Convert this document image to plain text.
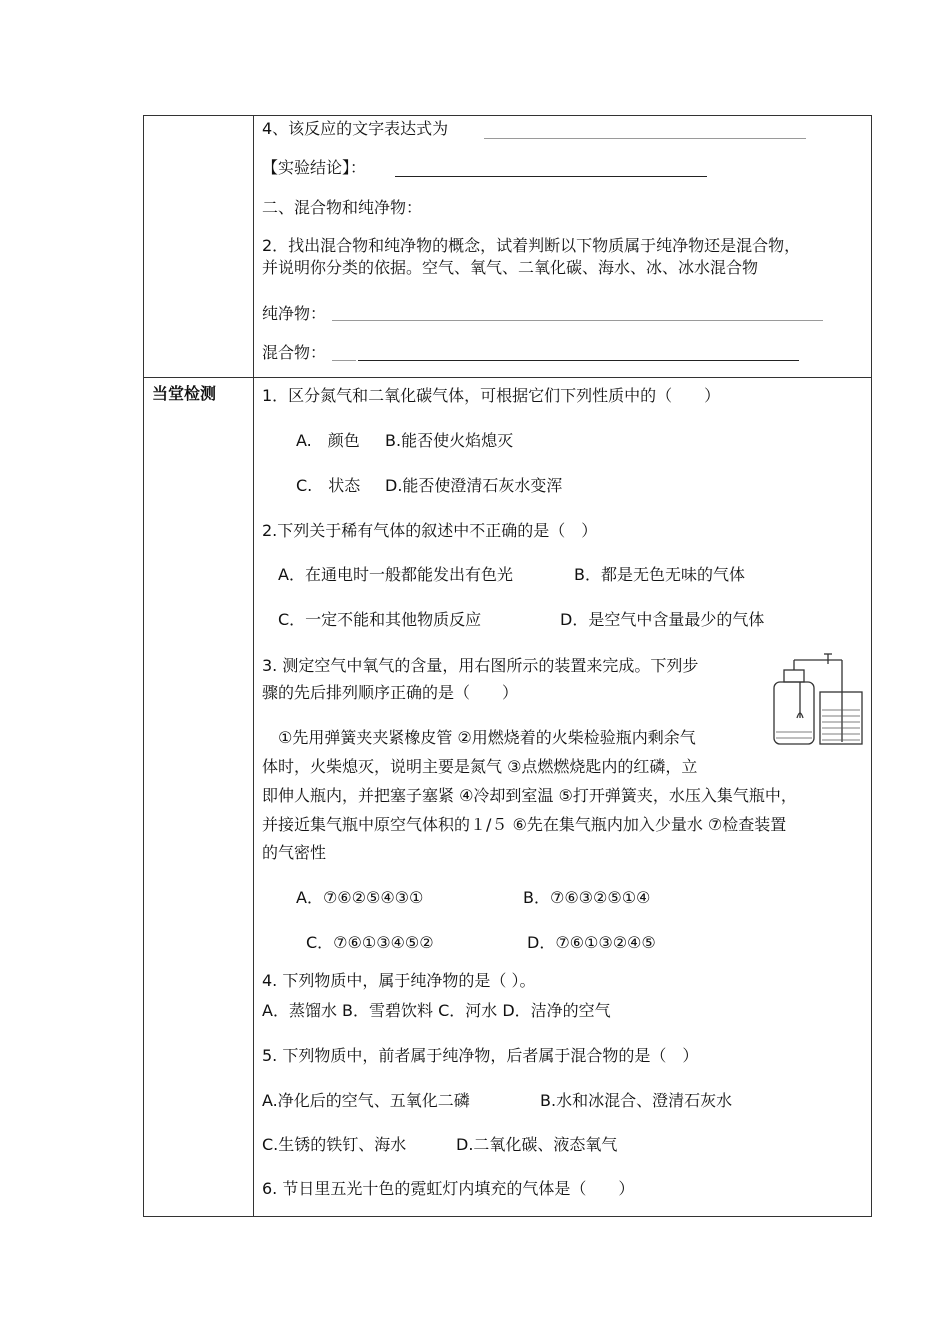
4、该反应的文字表达式为
【实验结论】：
二、混合物和纯净物：
2．找出混合物和纯净物的概念，试着判断以下物质属于纯净物还是混合物，
并说明你分类的依据。空气、氧气、二氧化碳、海水、冰、冰水混合物
纯净物：
混合物：
当堂检测	1．区分氮气和二氧化碳气体，可根据它们下列性质中的（　　）
A.　颜色 B.能否使火焰熄灭
C.　状态 D.能否使澄清石灰水变浑
2.下列关于稀有气体的叙述中不正确的是（　）
A．在通电时一般都能发出有色光	B．都是无色无味的气体
C．一定不能和其他物质反应	D．是空气中含量最少的气体
3. 测定空气中氧气的含量，用右图所示的装置来完成。下列步
骤的先后排列顺序正确的是（　　）
①先用弹簧夹夹紧橡皮管 ②用燃烧着的火柴检验瓶内剩余气
体时，火柴熄灭，说明主要是氮气 ③点燃燃烧匙内的红磷，立
即伸人瓶内，并把塞子塞紧 ④冷却到室温 ⑤打开弹簧夹，水压入集气瓶中，
并接近集气瓶中原空气体积的１/５ ⑥先在集气瓶内加入少量水 ⑦检查装置
的气密性
A．⑦⑥②⑤④③①	B．⑦⑥③②⑤①④
C．⑦⑥①③④⑤②	D．⑦⑥①③②④⑤
4. 下列物质中，属于纯净物的是（ ）。
A．蒸馏水 B．雪碧饮料 C．河水 D．洁净的空气
5. 下列物质中，前者属于纯净物，后者属于混合物的是（　）
A.净化后的空气、五氧化二磷	B.水和冰混合、澄清石灰水
C.生锈的铁钉、海水	D.二氧化碳、液态氧气
6. 节日里五光十色的霓虹灯内填充的气体是（　　）
